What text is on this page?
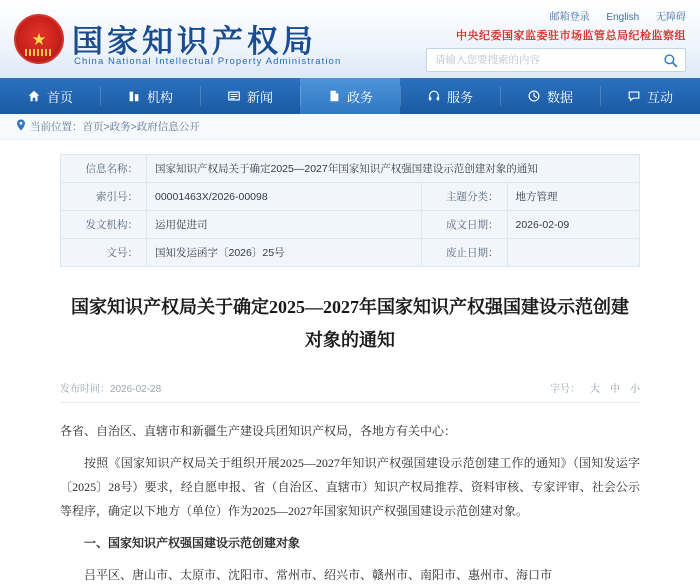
★ 国家知识产权局
China National Intellectual Property Administration
邮箱登录 English 无障碍
中央纪委国家监委驻市场监管总局纪检监察组
请输入您要搜索的内容
首页	机构	新闻	政务	服务	数据	互动
当前位置： 首页 > 政务 > 政府信息公开
信息名称：	国家知识产权局关于确定2025—2027年国家知识产权强国建设示范创建对象的通知		
索引号：	00001463X/2026-00098	主题分类：	地方管理
发文机构：	运用促进司	成文日期：	2026-02-09
文号：	国知发运函字〔2026〕25号	废止日期：	
国家知识产权局关于确定2025—2027年国家知识产权强国建设示范创建对象的通知
发布时间：2026-02-28	字号： 大 中 小

各省、自治区、直辖市和新疆生产建设兵团知识产权局，各地方有关中心：

按照《国家知识产权局关于组织开展2025—2027年知识产权强国建设示范创建工作的通知》（国知发运字〔2025〕28号）要求，经自愿申报、省（自治区、直辖市）知识产权局推荐、资料审核、专家评审、社会公示等程序，确定以下地方（单位）作为2025—2027年国家知识产权强国建设示范创建对象。

一、国家知识产权强国建设示范创建对象

吕平区、唐山市、太原市、沈阳市、常州市、绍兴市、赣州市、南阳市、惠州市、海口市
